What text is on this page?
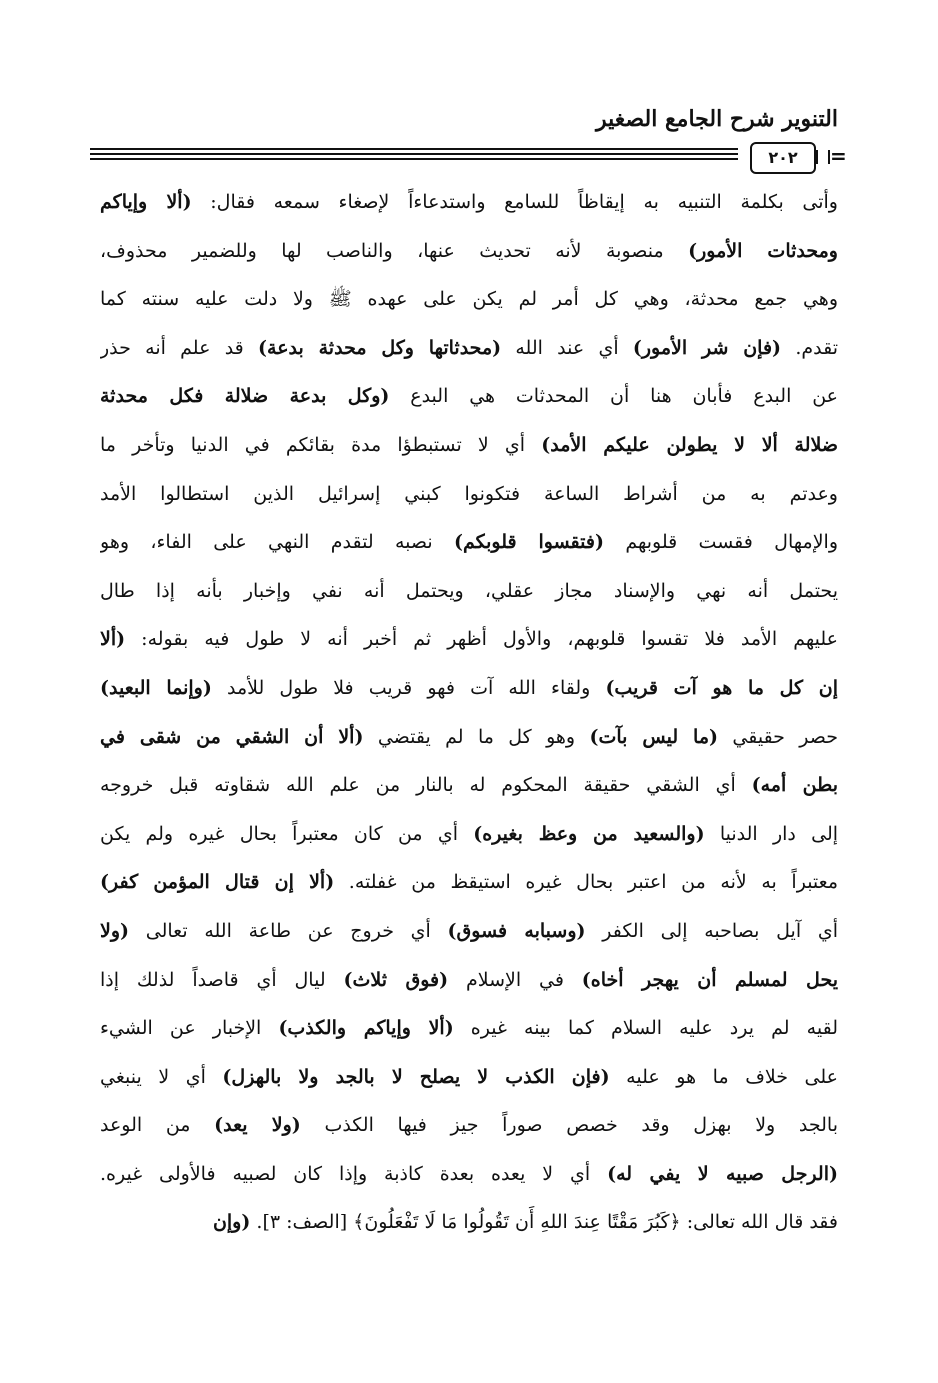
التنوير شرح الجامع الصغير
٢٠٢	=
وأتى بكلمة التنبيه به إيقاظاً للسامع واستدعاءاً لإصغاء سمعه فقال: (ألا وإياكم
ومحدثات الأمور) منصوبة لأنه تحديث عنها، والناصب لها وللضمير محذوف،
وهي جمع محدثة، وهي كل أمر لم يكن على عهده ﷺ ولا دلت عليه سنته كما
تقدم. (فإن شر الأمور) أي عند الله (محدثاتها وكل محدثة بدعة) قد علم أنه حذر
عن البدع فأبان هنا أن المحدثات هي البدع (وكل بدعة ضلالة فكل محدثة
ضلالة ألا لا يطولن عليكم الأمد) أي لا تستبطؤا مدة بقائكم في الدنيا وتأخر ما
وعدتم به من أشراط الساعة فتكونوا كبني إسرائيل الذين استطالوا الأمد
والإمهال فقست قلوبهم (فتقسوا قلوبكم) نصبه لتقدم النهي على الفاء، وهو
يحتمل أنه نهي والإسناد مجاز عقلي، ويحتمل أنه نفي وإخبار بأنه إذا طال
عليهم الأمد فلا تقسوا قلوبهم، والأول أظهر ثم أخبر أنه لا طول فيه بقوله: (ألا
إن كل ما هو آت قريب) ولقاء الله آت فهو قريب فلا طول للأمد (وإنما البعيد)
حصر حقيقي (ما ليس بآت) وهو كل ما لم يقتضي (ألا أن الشقي من شقى في
بطن أمه) أي الشقي حقيقة المحكوم له بالنار من علم الله شقاوته قبل خروجه
إلى دار الدنيا (والسعيد من وعظ بغيره) أي من كان معتبراً بحال غيره ولم يكن
معتبراً به لأنه من اعتبر بحال غيره استيقظ من غفلته. (ألا إن قتال المؤمن كفر)
أي آيل بصاحبه إلى الكفر (وسبابه فسوق) أي خروج عن طاعة الله تعالى (ولا
يحل لمسلم أن يهجر أخاه) في الإسلام (فوق ثلاث) ليال أي قاصداً لذلك إذا
لقيه لم يرد عليه السلام كما بينه غيره (ألا وإياكم والكذب) الإخبار عن الشيء
على خلاف ما هو عليه (فإن الكذب لا يصلح لا بالجد ولا بالهزل) أي لا ينبغي
بالجد ولا بهزل وقد خصص صوراً جيز فيها الكذب (ولا يعد) من الوعد
(الرجل صبيه لا يفي له) أي لا يعده بعدة كاذبة وإذا كان لصبيه فالأولى غيره.
فقد قال الله تعالى: ﴿كَبُرَ مَقْتًا عِندَ اللهِ أَن تَقُولُوا مَا لَا تَفْعَلُونَ﴾ [الصف: ٣]. (وإن
